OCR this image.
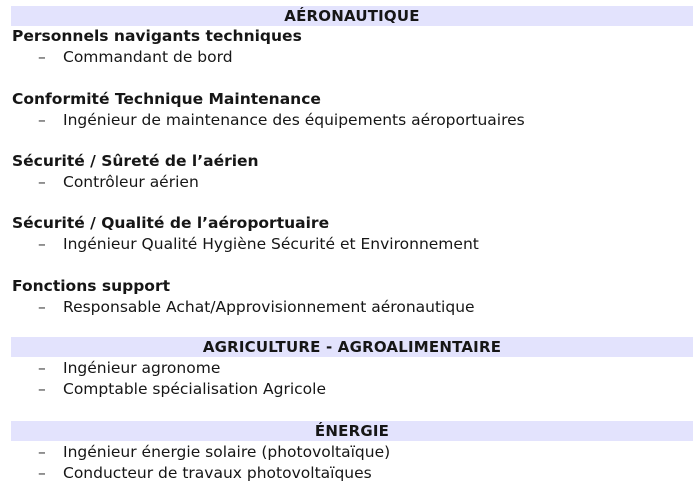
AÉRONAUTIQUE
Personnels navigants techniques
– Commandant de bord
Conformité Technique Maintenance
– Ingénieur de maintenance des équipements aéroportuaires
Sécurité / Sûreté de l’aérien
– Contrôleur aérien
Sécurité / Qualité de l’aéroportuaire
– Ingénieur Qualité Hygiène Sécurité et Environnement
Fonctions support
– Responsable Achat/Approvisionnement aéronautique
AGRICULTURE - AGROALIMENTAIRE
– Ingénieur agronome
– Comptable spécialisation Agricole
ÉNERGIE
– Ingénieur énergie solaire (photovoltaïque)
– Conducteur de travaux photovoltaïques
